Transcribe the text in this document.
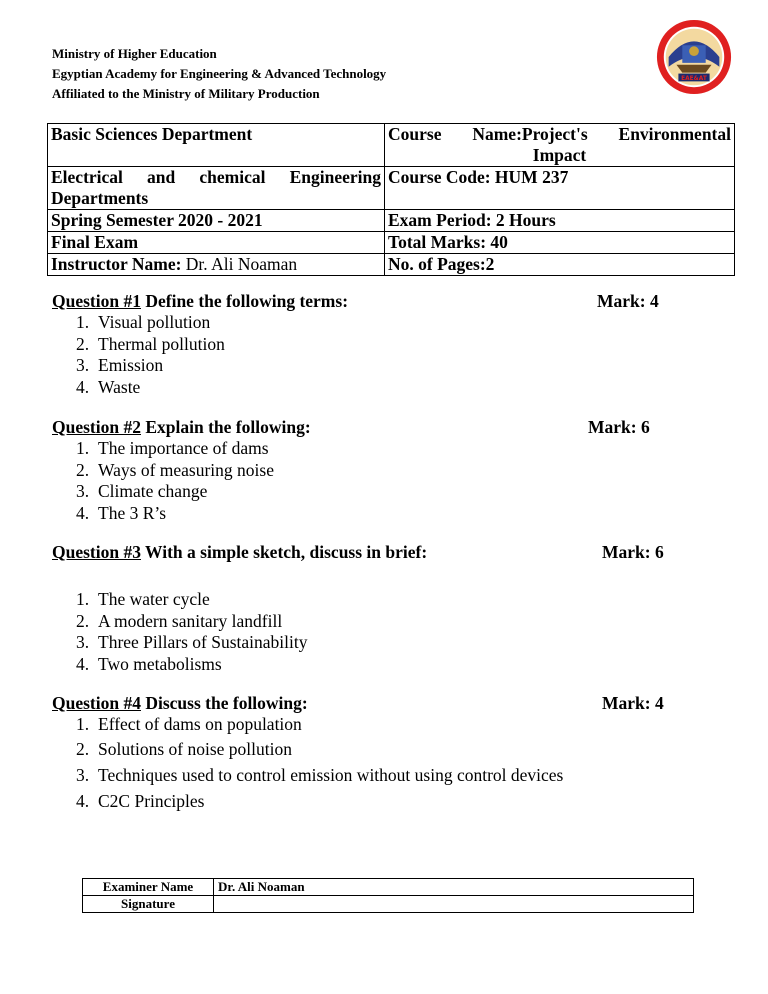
Ministry of Higher Education
Egyptian Academy for Engineering & Advanced Technology
Affiliated to the Ministry of Military Production
EAE&AT
Basic Sciences Department	Course Name:Project's Environmental
Impact

Electrical and chemical Engineering
Departments	Course Code: HUM 237
Spring Semester 2020 - 2021	Exam Period: 2 Hours
Final Exam	Total Marks: 40
Instructor Name: Dr. Ali Noaman	No. of Pages:2
Question #1 Define the following terms:	Mark: 4
1. Visual pollution
2. Thermal pollution
3. Emission
4. Waste
Question #2 Explain the following:	Mark: 6
1. The importance of dams
2. Ways of measuring noise
3. Climate change
4. The 3 R’s
Question #3 With a simple sketch, discuss in brief:	Mark: 6
1. The water cycle
2. A modern sanitary landfill
3. Three Pillars of Sustainability
4. Two metabolisms
Question #4 Discuss the following:	Mark: 4
1. Effect of dams on population
2. Solutions of noise pollution
3. Techniques used to control emission without using control devices
4. C2C Principles
Examiner Name	Dr. Ali Noaman
Signature	
